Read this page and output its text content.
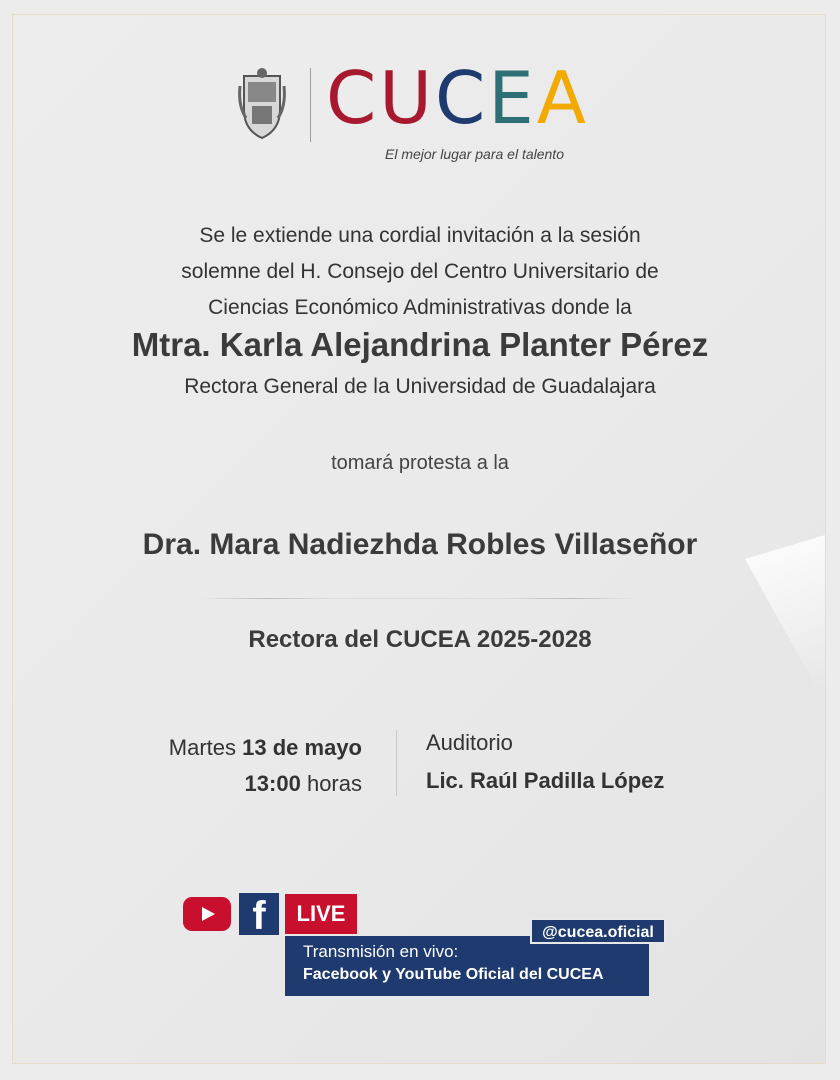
CUCEA
El mejor lugar para el talento
Se le extiende una cordial invitación a la sesión
solemne del H. Consejo del Centro Universitario de
Ciencias Económico Administrativas donde la
Mtra. Karla Alejandrina Planter Pérez
Rectora General de la Universidad de Guadalajara
tomará protesta a la
Dra. Mara Nadiezhda Robles Villaseñor
Rectora del CUCEA 2025-2028
Martes 13 de mayo
13:00 horas
Auditorio
Lic. Raúl Padilla López
f	LIVE
Transmisión en vivo:
Facebook y YouTube Oficial del CUCEA
@cucea.oficial
